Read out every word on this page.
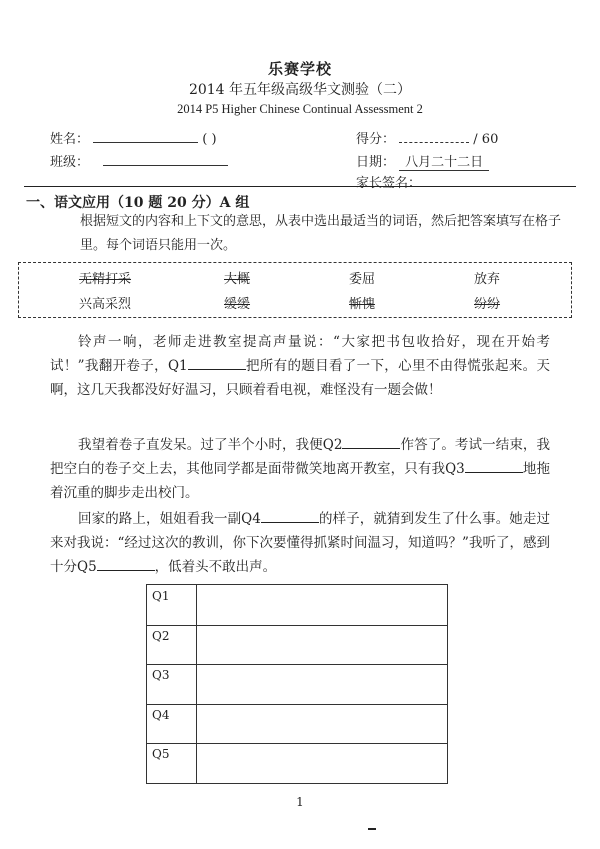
乐赛学校
2014 年五年级高级华文测验（二）
2014 P5 Higher Chinese Continual Assessment 2
姓名：	( )
班级：
得分：	/ 60
日期： 八月二十二日
家长签名：
一、语文应用（10 题 20 分）A 组
根据短文的内容和上下文的意思，从表中选出最适当的词语，然后把答案填写在格子里。每个词语只能用一次。
无精打采	大概	委屈	放弃
兴高采烈	缓缓	惭愧	纷纷
铃声一响，老师走进教室提高声量说：“大家把书包收拾好，现在开始考试！”我翻开卷子，Q1	把所有的题目看了一下，心里不由得慌张起来。天啊，这几天我都没好好温习，只顾着看电视，难怪没有一题会做！
我望着卷子直发呆。过了半个小时，我便Q2	作答了。考试一结束，我把空白的卷子交上去，其他同学都是面带微笑地离开教室，只有我Q3	地拖着沉重的脚步走出校门。
回家的路上，姐姐看我一副Q4	的样子，就猜到发生了什么事。她走过来对我说：“经过这次的教训，你下次要懂得抓紧时间温习，知道吗？”我听了，感到十分Q5	，低着头不敢出声。
Q1
Q2
Q3
Q4
Q5
1
